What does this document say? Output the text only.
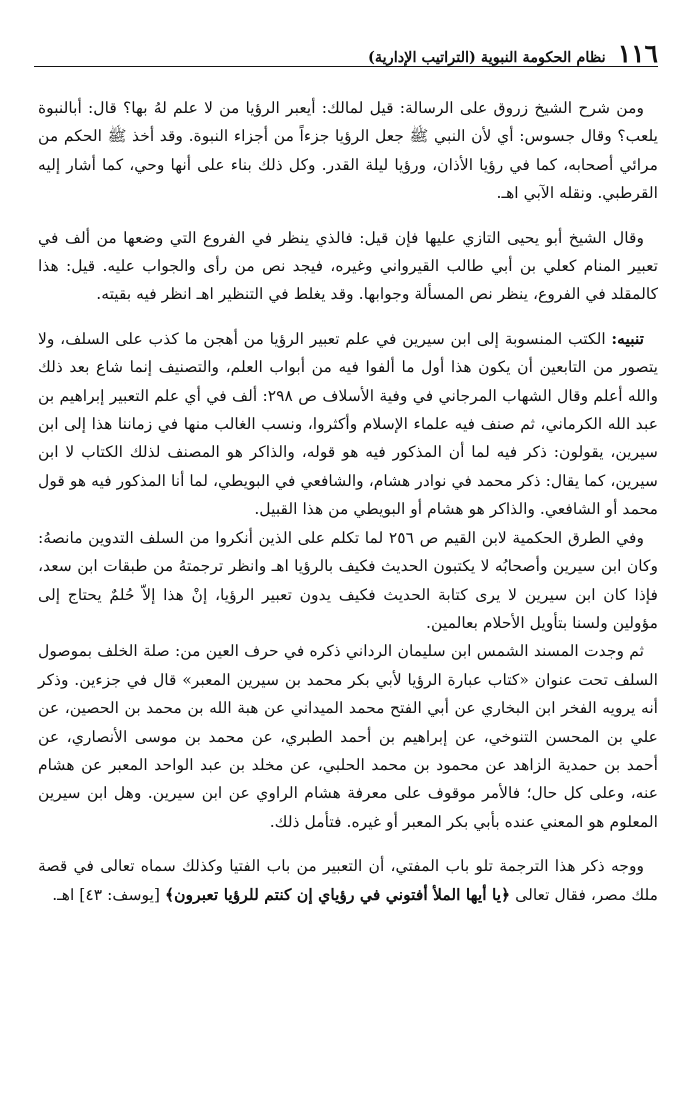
١١٦
نظام الحكومة النبوية (التراتيب الإدارية)

ومن شرح الشيخ زروق على الرسالة: قيل لمالك: أيعبر الرؤيا من لا علم لهُ بها؟ قال: أبالنبوة يلعب؟ وقال جسوس: أي لأن النبي ﷺ جعل الرؤيا جزءاً من أجزاء النبوة. وقد أخذ ﷺ الحكم من مرائي أصحابه، كما في رؤيا الأذان، ورؤيا ليلة القدر. وكل ذلك بناء على أنها وحي، كما أشار إليه القرطبي. ونقله الآبي اهـ.

وقال الشيخ أبو يحيى التازي عليها فإن قيل: فالذي ينظر في الفروع التي وضعها من ألف في تعبير المنام كعلي بن أبي طالب القيرواني وغيره، فيجد نص من رأى والجواب عليه. قيل: هذا كالمقلد في الفروع، ينظر نص المسألة وجوابها. وقد يغلط في التنظير اهـ انظر فيه بقيته.

تنبيه: الكتب المنسوبة إلى ابن سيرين في علم تعبير الرؤيا من أهجن ما كذب على السلف، ولا يتصور من التابعين أن يكون هذا أول ما ألفوا فيه من أبواب العلم، والتصنيف إنما شاع بعد ذلك والله أعلم وقال الشهاب المرجاني في وفية الأسلاف ص ٢٩٨: ألف في أي علم التعبير إبراهيم بن عبد الله الكرماني، ثم صنف فيه علماء الإسلام وأكثروا، ونسب الغالب منها في زماننا هذا إلى ابن سيرين، يقولون: ذكر فيه لما أن المذكور فيه هو قوله، والذاكر هو المصنف لذلك الكتاب لا ابن سيرين، كما يقال: ذكر محمد في نوادر هشام، والشافعي في البويطي، لما أنا المذكور فيه هو قول محمد أو الشافعي. والذاكر هو هشام أو البويطي من هذا القبيل.

وفي الطرق الحكمية لابن القيم ص ٢٥٦ لما تكلم على الذين أنكروا من السلف التدوين مانصهُ: وكان ابن سيرين وأصحابُه لا يكتبون الحديث فكيف بالرؤيا اهـ وانظر ترجمتهُ من طبقات ابن سعد، فإذا كان ابن سيرين لا يرى كتابة الحديث فكيف يدون تعبير الرؤيا، إنْ هذا إلاّ حُلمٌ يحتاج إلى مؤولين ولسنا بتأويل الأحلام بعالمين.

ثم وجدت المسند الشمس ابن سليمان الرداني ذكره في حرف العين من: صلة الخلف بموصول السلف تحت عنوان «كتاب عبارة الرؤيا لأبي بكر محمد بن سيرين المعبر» قال في جزءين. وذكر أنه يرويه الفخر ابن البخاري عن أبي الفتح محمد الميداني عن هبة الله بن محمد بن الحصين، عن علي بن المحسن التنوخي، عن إبراهيم بن أحمد الطبري، عن محمد بن موسى الأنصاري، عن أحمد بن حمدية الزاهد عن محمود بن محمد الحلبي، عن مخلد بن عبد الواحد المعبر عن هشام عنه، وعلى كل حال؛ فالأمر موقوف على معرفة هشام الراوي عن ابن سيرين. وهل ابن سيرين المعلوم هو المعني عنده بأبي بكر المعبر أو غيره. فتأمل ذلك.

ووجه ذكر هذا الترجمة تلو باب المفتي، أن التعبير من باب الفتيا وكذلك سماه تعالى في قصة ملك مصر، فقال تعالى ﴿يا أيها الملأ أفتوني في رؤياي إن كنتم للرؤيا تعبرون﴾ [يوسف: ٤٣] اهـ.
